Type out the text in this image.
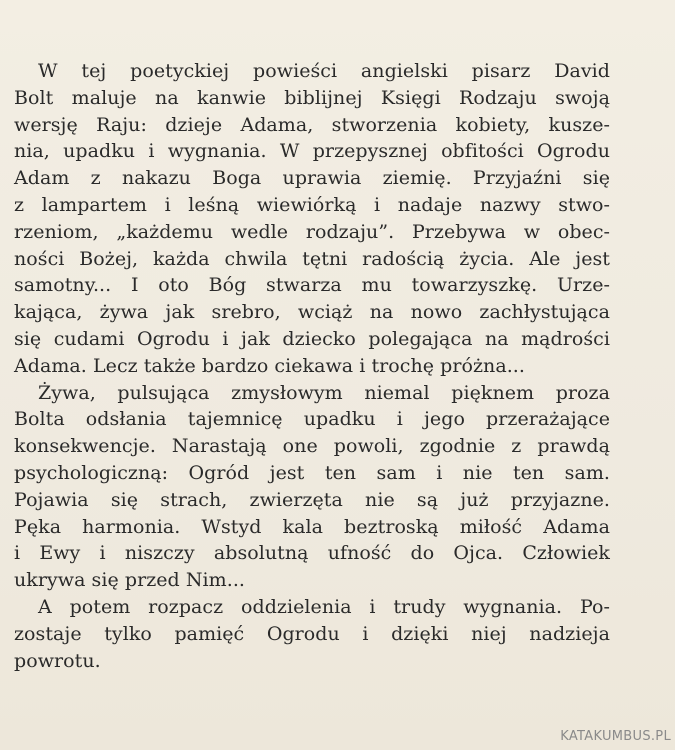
W tej poetyckiej powieści angielski pisarz David
Bolt maluje na kanwie biblijnej Księgi Rodzaju swoją
wersję Raju: dzieje Adama, stworzenia kobiety, kusze-
nia, upadku i wygnania. W przepysznej obfitości Ogrodu
Adam z nakazu Boga uprawia ziemię. Przyjaźni się
z lampartem i leśną wiewiórką i nadaje nazwy stwo-
rzeniom, „każdemu wedle rodzaju”. Przebywa w obec-
ności Bożej, każda chwila tętni radością życia. Ale jest
samotny... I oto Bóg stwarza mu towarzyszkę. Urze-
kająca, żywa jak srebro, wciąż na nowo zachłystująca
się cudami Ogrodu i jak dziecko polegająca na mądrości
Adama. Lecz także bardzo ciekawa i trochę próżna...

Żywa, pulsująca zmysłowym niemal pięknem proza
Bolta odsłania tajemnicę upadku i jego przerażające
konsekwencje. Narastają one powoli, zgodnie z prawdą
psychologiczną: Ogród jest ten sam i nie ten sam.
Pojawia się strach, zwierzęta nie są już przyjazne.
Pęka harmonia. Wstyd kala beztroską miłość Adama
i Ewy i niszczy absolutną ufność do Ojca. Człowiek
ukrywa się przed Nim...

A potem rozpacz oddzielenia i trudy wygnania. Po-
zostaje tylko pamięć Ogrodu i dzięki niej nadzieja
powrotu.

KATAKUMBUS.PL
